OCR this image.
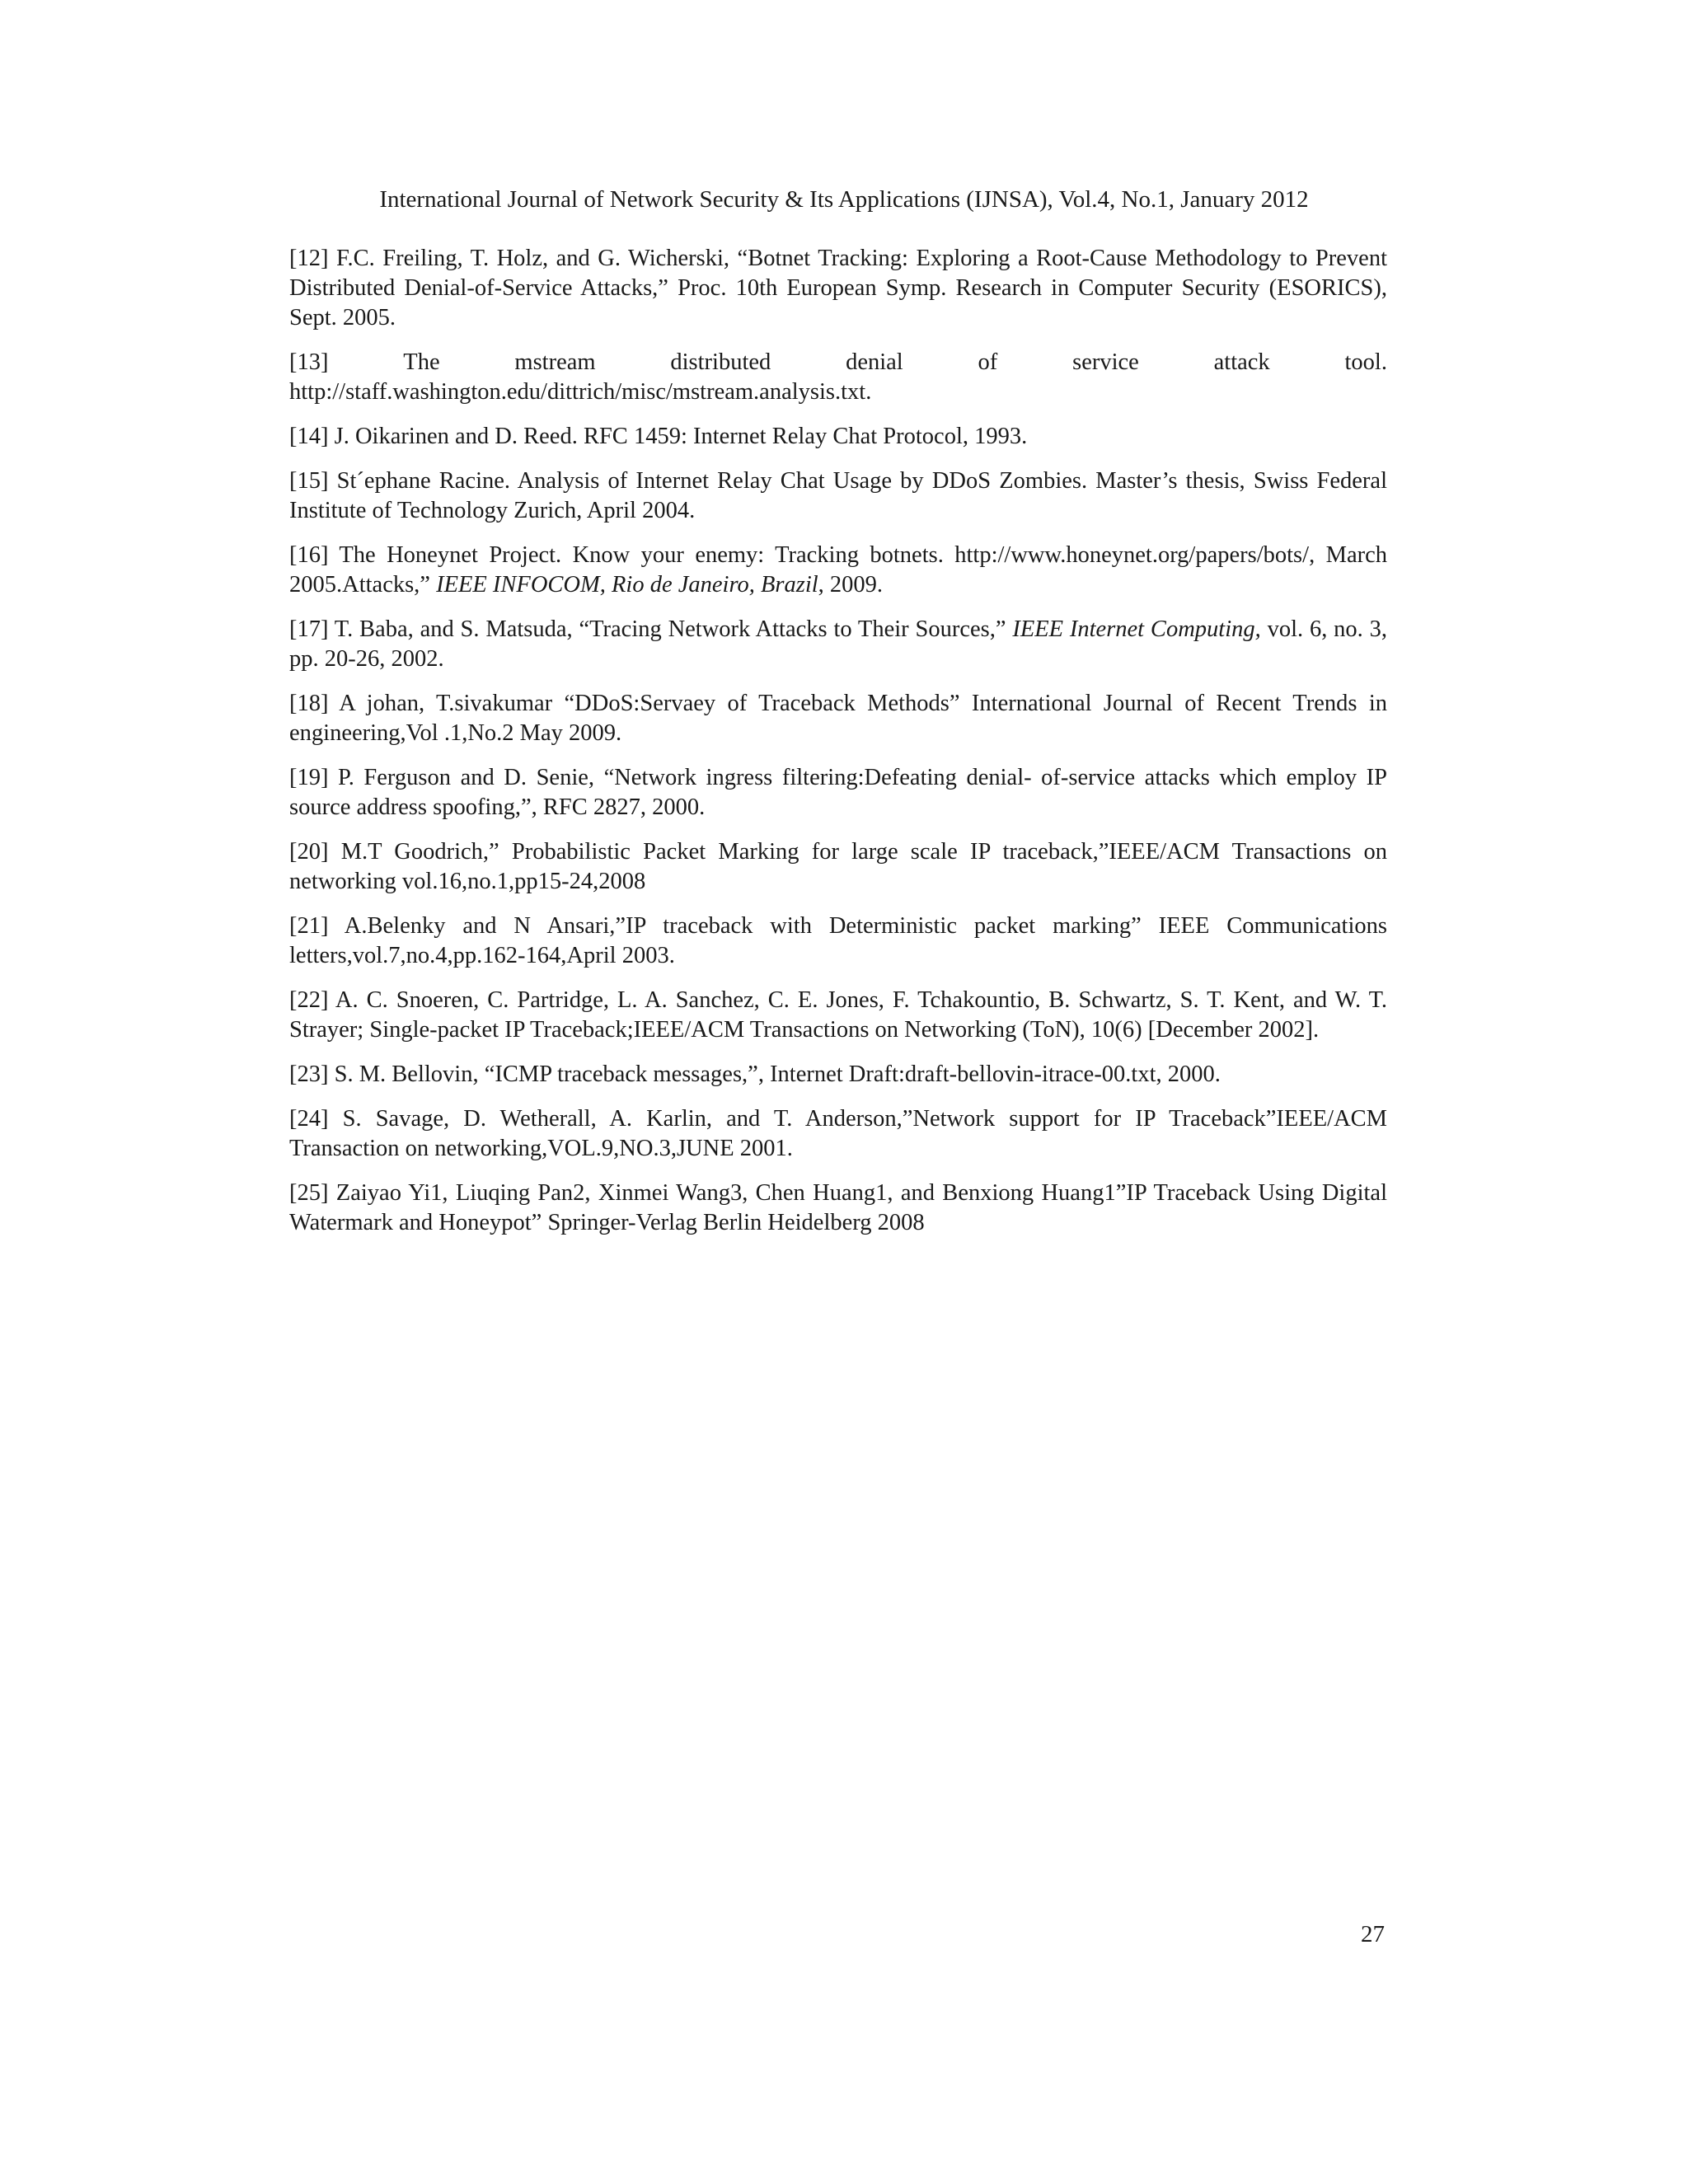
International Journal of Network Security & Its Applications (IJNSA), Vol.4, No.1, January 2012

[12] F.C. Freiling, T. Holz, and G. Wicherski, “Botnet Tracking: Exploring a Root-Cause Methodology to Prevent Distributed Denial-of-Service Attacks,” Proc. 10th European Symp. Research in Computer Security (ESORICS), Sept. 2005.

[13]	The	mstream	distributed	denial	of	service	attack	tool.
http://staff.washington.edu/dittrich/misc/mstream.analysis.txt.

[14] J. Oikarinen and D. Reed. RFC 1459: Internet Relay Chat Protocol, 1993.

[15] St´ephane Racine. Analysis of Internet Relay Chat Usage by DDoS Zombies. Master’s thesis, Swiss Federal Institute of Technology Zurich, April 2004.

[16] The Honeynet Project. Know your enemy: Tracking botnets. http://www.honeynet.org/papers/bots/, March 2005.Attacks,” IEEE INFOCOM, Rio de Janeiro, Brazil, 2009.

[17] T. Baba, and S. Matsuda, “Tracing Network Attacks to Their Sources,” IEEE Internet Computing, vol. 6, no. 3, pp. 20-26, 2002.

[18] A johan, T.sivakumar “DDoS:Servaey of Traceback Methods” International Journal of Recent Trends in engineering,Vol .1,No.2 May 2009.

[19] P. Ferguson and D. Senie, “Network ingress filtering:Defeating denial- of-service attacks which employ IP source address spoofing,”, RFC 2827, 2000.

[20] M.T Goodrich,” Probabilistic Packet Marking for large scale IP traceback,”IEEE/ACM Transactions on networking vol.16,no.1,pp15-24,2008

[21] A.Belenky and N Ansari,”IP traceback with Deterministic packet marking” IEEE Communications letters,vol.7,no.4,pp.162-164,April 2003.

[22] A. C. Snoeren, C. Partridge, L. A. Sanchez, C. E. Jones, F. Tchakountio, B. Schwartz, S. T. Kent, and W. T. Strayer; Single-packet IP Traceback;IEEE/ACM Transactions on Networking (ToN), 10(6) [December 2002].

[23] S. M. Bellovin, “ICMP traceback messages,”, Internet Draft:draft-bellovin-itrace-00.txt, 2000.

[24] S. Savage, D. Wetherall, A. Karlin, and T. Anderson,”Network support for IP Traceback”IEEE/ACM Transaction on networking,VOL.9,NO.3,JUNE 2001.

[25] Zaiyao Yi1, Liuqing Pan2, Xinmei Wang3, Chen Huang1, and Benxiong Huang1”IP Traceback Using Digital Watermark and Honeypot” Springer-Verlag Berlin Heidelberg 2008

27
